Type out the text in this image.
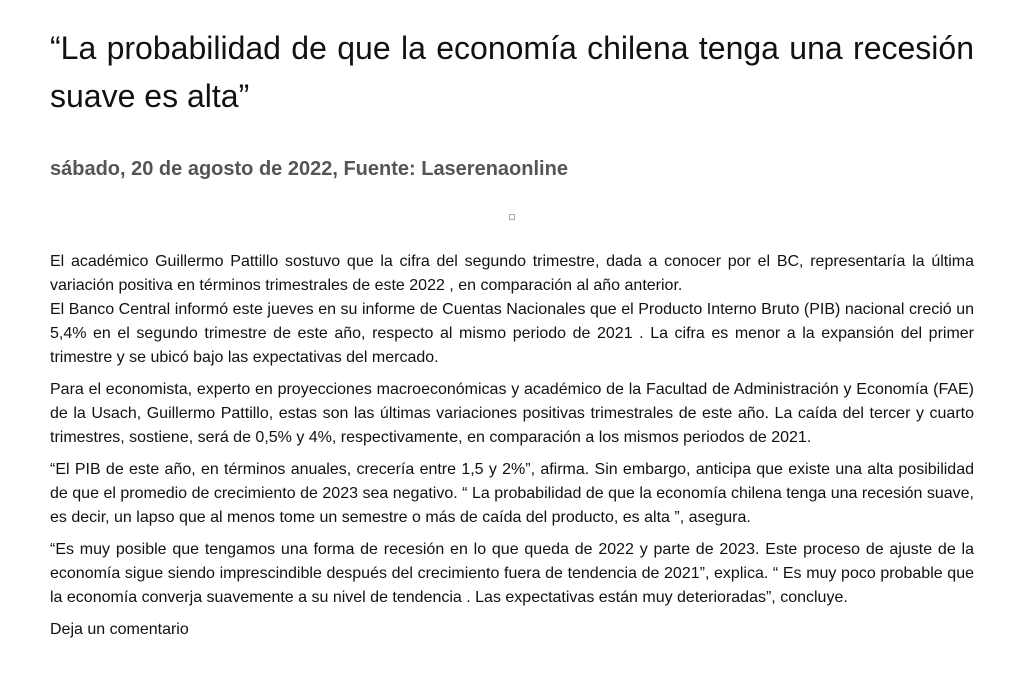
“La probabilidad de que la economía chilena tenga una recesión suave es alta”
sábado, 20 de agosto de 2022, Fuente: Laserenaonline

El académico Guillermo Pattillo sostuvo que la cifra del segundo trimestre, dada a conocer por el BC, representaría la última variación positiva en términos trimestrales de este 2022 , en comparación al año anterior.

El Banco Central informó este jueves en su informe de Cuentas Nacionales que el Producto Interno Bruto (PIB) nacional creció un 5,4% en el segundo trimestre de este año, respecto al mismo periodo de 2021 . La cifra es menor a la expansión del primer trimestre y se ubicó bajo las expectativas del mercado.

Para el economista, experto en proyecciones macroeconómicas y académico de la Facultad de Administración y Economía (FAE) de la Usach, Guillermo Pattillo, estas son las últimas variaciones positivas trimestrales de este año. La caída del tercer y cuarto trimestres, sostiene, será de 0,5% y 4%, respectivamente, en comparación a los mismos periodos de 2021.

“El PIB de este año, en términos anuales, crecería entre 1,5 y 2%”, afirma. Sin embargo, anticipa que existe una alta posibilidad de que el promedio de crecimiento de 2023 sea negativo. “ La probabilidad de que la economía chilena tenga una recesión suave, es decir, un lapso que al menos tome un semestre o más de caída del producto, es alta ”, asegura.

“Es muy posible que tengamos una forma de recesión en lo que queda de 2022 y parte de 2023. Este proceso de ajuste de la economía sigue siendo imprescindible después del crecimiento fuera de tendencia de 2021”, explica. “ Es muy poco probable que la economía converja suavemente a su nivel de tendencia . Las expectativas están muy deterioradas”, concluye.

Deja un comentario
